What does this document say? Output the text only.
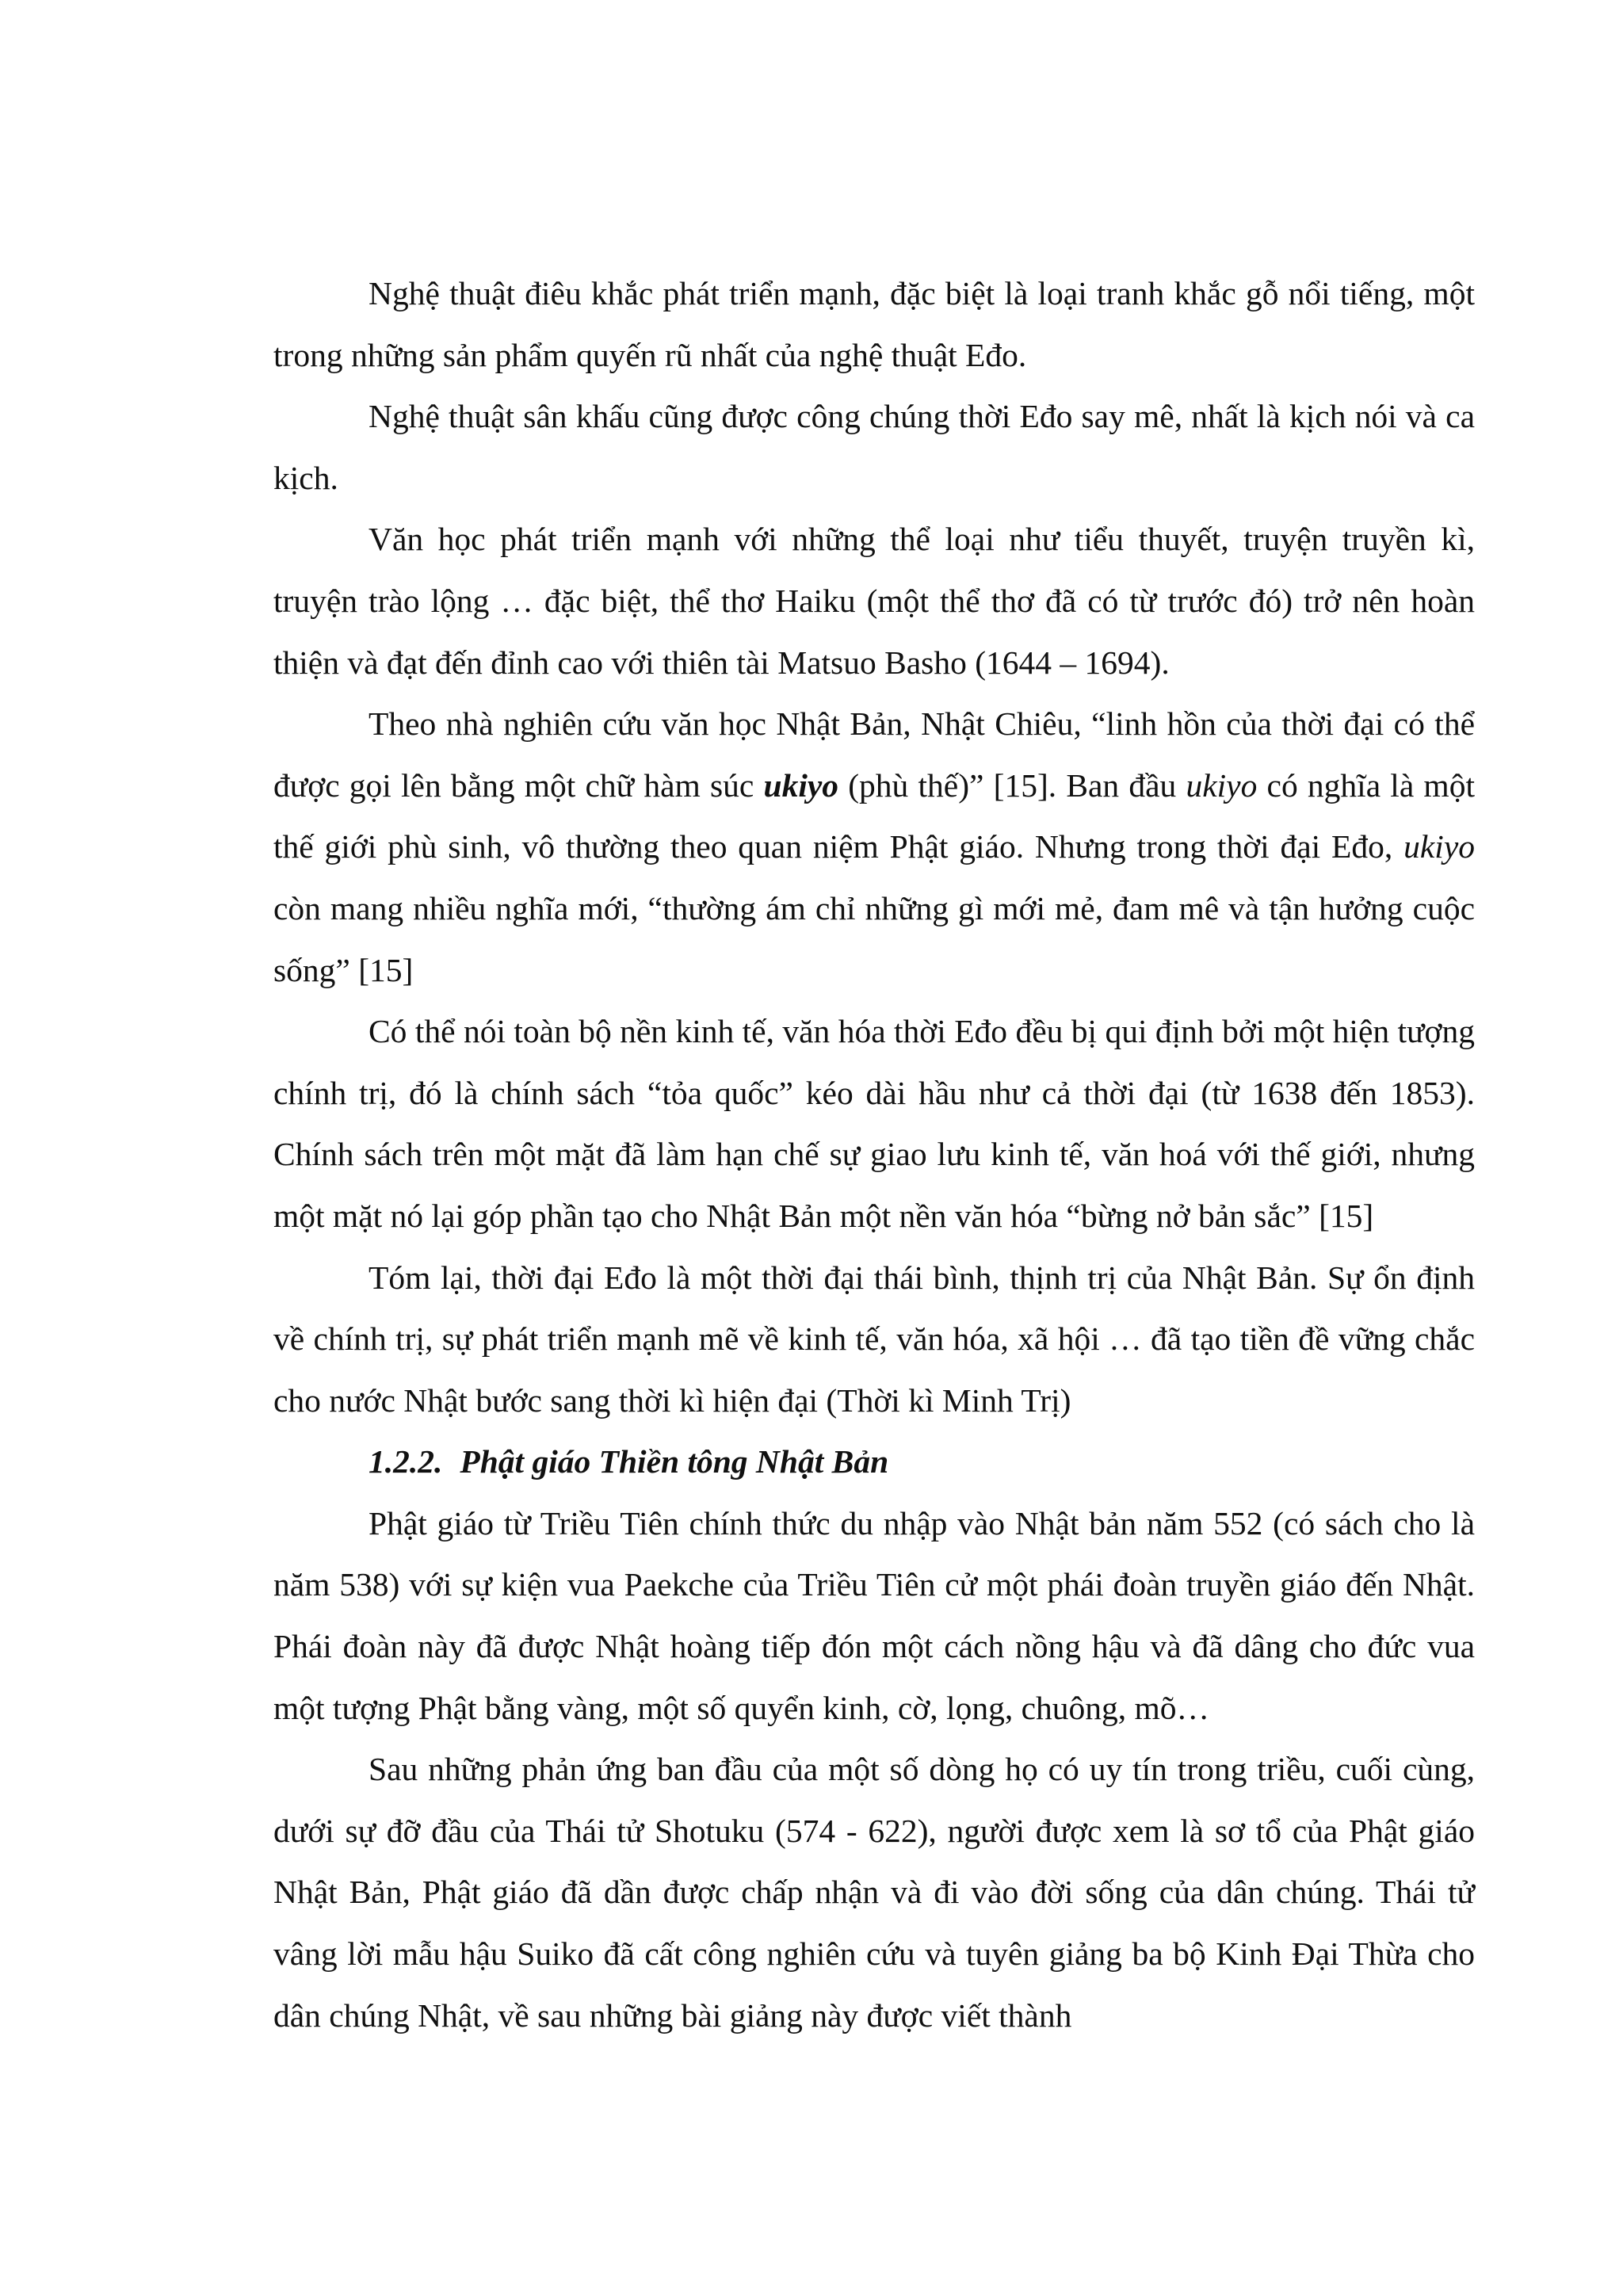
Nghệ thuật điêu khắc phát triển mạnh, đặc biệt là loại tranh khắc gỗ nổi tiếng, một trong những sản phẩm quyến rũ nhất của nghệ thuật Eđo.

Nghệ thuật sân khấu cũng được công chúng thời Eđo say mê, nhất là kịch nói và ca kịch.

Văn học phát triển mạnh với những thể loại như tiểu thuyết, truyện truyền kì, truyện trào lộng … đặc biệt, thể thơ Haiku (một thể thơ đã có từ trước đó) trở nên hoàn thiện và đạt đến đỉnh cao với thiên tài Matsuo Basho (1644 – 1694).

Theo nhà nghiên cứu văn học Nhật Bản, Nhật Chiêu, “linh hồn của thời đại có thể được gọi lên bằng một chữ hàm súc ukiyo (phù thế)” [15]. Ban đầu ukiyo có nghĩa là một thế giới phù sinh, vô thường theo quan niệm Phật giáo. Nhưng trong thời đại Eđo, ukiyo còn mang nhiều nghĩa mới, “thường ám chỉ những gì mới mẻ, đam mê và tận hưởng cuộc sống” [15]

Có thể nói toàn bộ nền kinh tế, văn hóa thời Eđo đều bị qui định bởi một hiện tượng chính trị, đó là chính sách “tỏa quốc” kéo dài hầu như cả thời đại (từ 1638 đến 1853). Chính sách trên một mặt đã làm hạn chế sự giao lưu kinh tế, văn hoá với thế giới, nhưng một mặt nó lại góp phần tạo cho Nhật Bản một nền văn hóa “bừng nở bản sắc” [15]

Tóm lại, thời đại Eđo là một thời đại thái bình, thịnh trị của Nhật Bản. Sự ổn định về chính trị, sự phát triển mạnh mẽ về kinh tế, văn hóa, xã hội … đã tạo tiền đề vững chắc cho nước Nhật bước sang thời kì hiện đại (Thời kì Minh Trị)

1.2.2. Phật giáo Thiền tông Nhật Bản

Phật giáo từ Triều Tiên chính thức du nhập vào Nhật bản năm 552 (có sách cho là năm 538) với sự kiện vua Paekche của Triều Tiên cử một phái đoàn truyền giáo đến Nhật. Phái đoàn này đã được Nhật hoàng tiếp đón một cách nồng hậu và đã dâng cho đức vua một tượng Phật bằng vàng, một số quyển kinh, cờ, lọng, chuông, mõ…

Sau những phản ứng ban đầu của một số dòng họ có uy tín trong triều, cuối cùng, dưới sự đỡ đầu của Thái tử Shotuku (574 - 622), người được xem là sơ tổ của Phật giáo Nhật Bản, Phật giáo đã dần được chấp nhận và đi vào đời sống của dân chúng. Thái tử vâng lời mẫu hậu Suiko đã cất công nghiên cứu và tuyên giảng ba bộ Kinh Đại Thừa cho dân chúng Nhật, về sau những bài giảng này được viết thành
